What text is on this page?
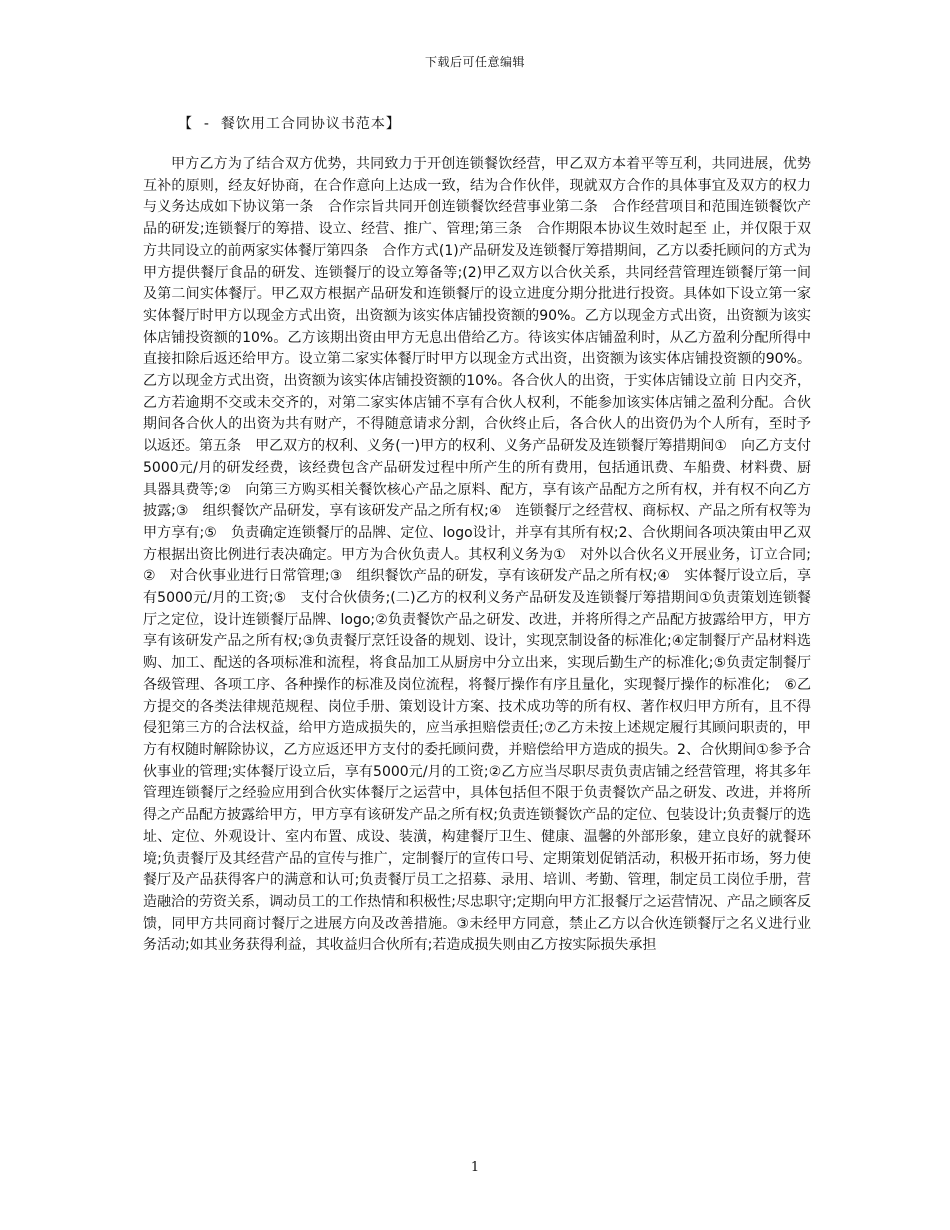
下载后可任意编辑
【  -  餐饮用工合同协议书范本】

甲方乙方为了结合双方优势，共同致力于开创连锁餐饮经营，甲乙双方本着平等互利，共同进展，优势互补的原则，经友好协商，在合作意向上达成一致，结为合作伙伴，现就双方合作的具体事宜及双方的权力与义务达成如下协议第一条　合作宗旨共同开创连锁餐饮经营事业第二条　合作经营项目和范围连锁餐饮产品的研发;连锁餐厅的筹措、设立、经营、推广、管理;第三条　合作期限本协议生效时起至 止，并仅限于双方共同设立的前两家实体餐厅第四条　合作方式(1)产品研发及连锁餐厅筹措期间，乙方以委托顾问的方式为甲方提供餐厅食品的研发、连锁餐厅的设立筹备等;(2)甲乙双方以合伙关系，共同经营管理连锁餐厅第一间及第二间实体餐厅。甲乙双方根据产品研发和连锁餐厅的设立进度分期分批进行投资。具体如下设立第一家实体餐厅时甲方以现金方式出资，出资额为该实体店铺投资额的90%。乙方以现金方式出资，出资额为该实体店铺投资额的10%。乙方该期出资由甲方无息出借给乙方。待该实体店铺盈利时，从乙方盈利分配所得中直接扣除后返还给甲方。设立第二家实体餐厅时甲方以现金方式出资，出资额为该实体店铺投资额的90%。乙方以现金方式出资，出资额为该实体店铺投资额的10%。各合伙人的出资，于实体店铺设立前 日内交齐，乙方若逾期不交或未交齐的，对第二家实体店铺不享有合伙人权利，不能参加该实体店铺之盈利分配。合伙期间各合伙人的出资为共有财产，不得随意请求分割，合伙终止后，各合伙人的出资仍为个人所有，至时予以返还。第五条　甲乙双方的权利、义务(一)甲方的权利、义务产品研发及连锁餐厅筹措期间①　向乙方支付5000元/月的研发经费，该经费包含产品研发过程中所产生的所有费用，包括通讯费、车船费、材料费、厨具器具费等;②　向第三方购买相关餐饮核心产品之原料、配方，享有该产品配方之所有权，并有权不向乙方披露;③　组织餐饮产品研发，享有该研发产品之所有权;④　连锁餐厅之经营权、商标权、产品之所有权等为甲方享有;⑤　负责确定连锁餐厅的品牌、定位、logo设计，并享有其所有权;2、合伙期间各项决策由甲乙双方根据出资比例进行表决确定。甲方为合伙负责人。其权利义务为①　对外以合伙名义开展业务，订立合同;②　对合伙事业进行日常管理;③　组织餐饮产品的研发，享有该研发产品之所有权;④　实体餐厅设立后，享有5000元/月的工资;⑤　支付合伙债务;(二)乙方的权利义务产品研发及连锁餐厅筹措期间①负责策划连锁餐厅之定位，设计连锁餐厅品牌、logo;②负责餐饮产品之研发、改进，并将所得之产品配方披露给甲方，甲方享有该研发产品之所有权;③负责餐厅烹饪设备的规划、设计，实现烹制设备的标准化;④定制餐厅产品材料选购、加工、配送的各项标准和流程，将食品加工从厨房中分立出来，实现后勤生产的标准化;⑤负责定制餐厅各级管理、各项工序、各种操作的标准及岗位流程，将餐厅操作有序且量化，实现餐厅操作的标准化;　⑥乙方提交的各类法律规范规程、岗位手册、策划设计方案、技术成功等的所有权、著作权归甲方所有，且不得侵犯第三方的合法权益，给甲方造成损失的，应当承担赔偿责任;⑦乙方未按上述规定履行其顾问职责的，甲方有权随时解除协议，乙方应返还甲方支付的委托顾问费，并赔偿给甲方造成的损失。2、合伙期间①参予合伙事业的管理;实体餐厅设立后，享有5000元/月的工资;②乙方应当尽职尽责负责店铺之经营管理，将其多年管理连锁餐厅之经验应用到合伙实体餐厅之运营中，具体包括但不限于负责餐饮产品之研发、改进，并将所得之产品配方披露给甲方，甲方享有该研发产品之所有权;负责连锁餐饮产品的定位、包装设计;负责餐厅的选址、定位、外观设计、室内布置、成设、装潢，构建餐厅卫生、健康、温馨的外部形象，建立良好的就餐环境;负责餐厅及其经营产品的宣传与推广，定制餐厅的宣传口号、定期策划促销活动，积极开拓市场，努力使餐厅及产品获得客户的满意和认可;负责餐厅员工之招募、录用、培训、考勤、管理，制定员工岗位手册，营造融洽的劳资关系，调动员工的工作热情和积极性;尽忠职守;定期向甲方汇报餐厅之运营情况、产品之顾客反馈，同甲方共同商讨餐厅之进展方向及改善措施。③未经甲方同意，禁止乙方以合伙连锁餐厅之名义进行业务活动;如其业务获得利益，其收益归合伙所有;若造成损失则由乙方按实际损失承担

1
